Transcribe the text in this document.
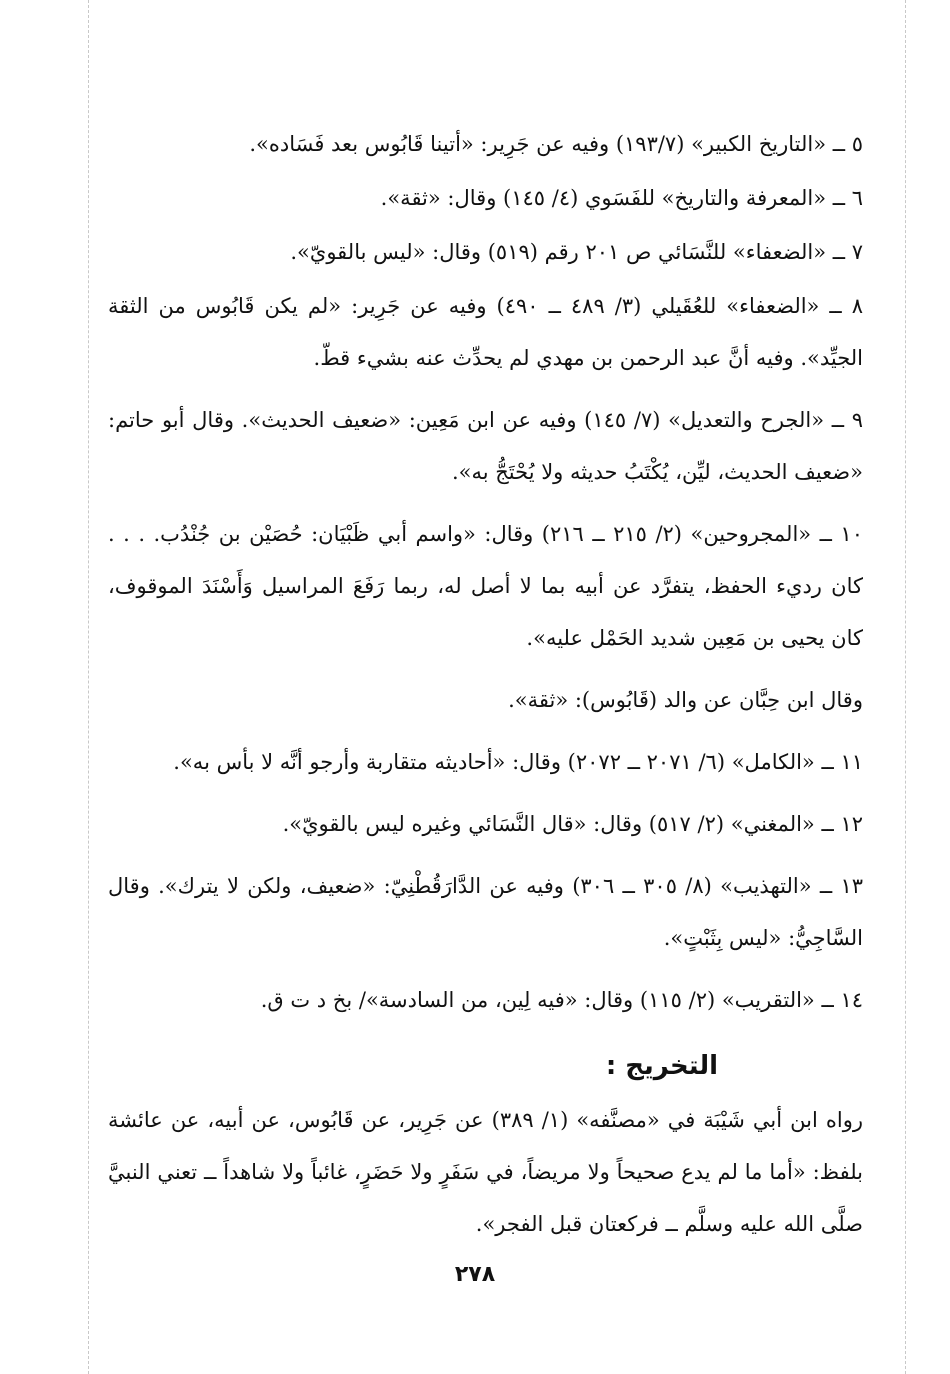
٥ ــ «التاريخ الكبير» (١٩٣/٧) وفيه عن جَرِير: «أتينا قَابُوس بعد فَسَاده».

٦ ــ «المعرفة والتاريخ» للفَسَوي (٤/ ١٤٥) وقال: «ثقة».

٧ ــ «الضعفاء» للنَّسَائي ص ٢٠١ رقم (٥١٩) وقال: «ليس بالقويّ».

٨ ــ «الضعفاء» للعُقَيلي (٣/ ٤٨٩ ــ ٤٩٠) وفيه عن جَرِير: «لم يكن قَابُوس من الثقة الجيِّد». وفيه أنَّ عبد الرحمن بن مهدي لم يحدِّث عنه بشيء قطّ.

٩ ــ «الجرح والتعديل» (٧/ ١٤٥) وفيه عن ابن مَعِين: «ضعيف الحديث». وقال أبو حاتم: «ضعيف الحديث، ليِّن، يُكْتَبُ حديثه ولا يُحْتَجُّ به».

١٠ ــ «المجروحين» (٢/ ٢١٥ ــ ٢١٦) وقال: «واسم أبي ظَبْيَان: حُصَيْن بن جُنْدُب. . . . كان رديء الحفظ، يتفرَّد عن أبيه بما لا أصل له، ربما رَفَعَ المراسيل وَأَسْنَدَ الموقوف، كان يحيى بن مَعِين شديد الحَمْل عليه».

وقال ابن حِبَّان عن والد (قَابُوس): «ثقة».

١١ ــ «الكامل» (٦/ ٢٠٧١ ــ ٢٠٧٢) وقال: «أحاديثه متقاربة وأرجو أنَّه لا بأس به».

١٢ ــ «المغني» (٢/ ٥١٧) وقال: «قال النَّسَائي وغيره ليس بالقويّ».

١٣ ــ «التهذيب» (٨/ ٣٠٥ ــ ٣٠٦) وفيه عن الدَّارَقُطْنِيّ: «ضعيف، ولكن لا يترك». وقال السَّاجِيُّ: «ليس بِثَبْتٍ».

١٤ ــ «التقريب» (٢/ ١١٥) وقال: «فيه لِين، من السادسة»/ بخ د ت ق.

التخريج :

رواه ابن أبي شَيْبَة في «مصنَّفه» (١/ ٣٨٩) عن جَرِير، عن قَابُوس، عن أبيه، عن عائشة بلفظ: «أما ما لم يدع صحيحاً ولا مريضاً، في سَفَرٍ ولا حَضَرٍ، غائباً ولا شاهداً ــ تعني النبيَّ صلَّى الله عليه وسلَّم ــ فركعتان قبل الفجر».

٢٧٨
